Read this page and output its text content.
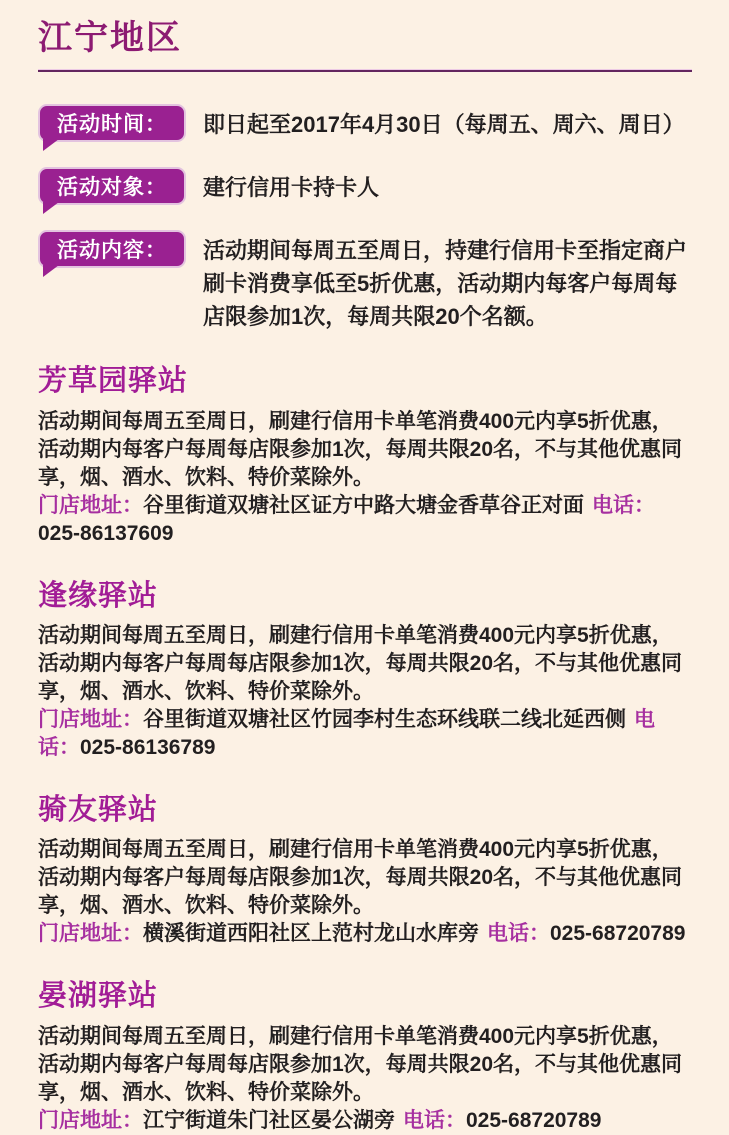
江宁地区
活动时间： 即日起至2017年4月30日（每周五、周六、周日）
活动对象： 建行信用卡持卡人
活动内容： 活动期间每周五至周日，持建行信用卡至指定商户刷卡消费享低至5折优惠，活动期内每客户每周每店限参加1次，每周共限20个名额。
芳草园驿站

活动期间每周五至周日，刷建行信用卡单笔消费400元内享5折优惠，活动期内每客户每周每店限参加1次，每周共限20名，不与其他优惠同享，烟、酒水、饮料、特价菜除外。

门店地址：谷里街道双塘社区证方中路大塘金香草谷正对面 电话：025-86137609

逢缘驿站

活动期间每周五至周日，刷建行信用卡单笔消费400元内享5折优惠，活动期内每客户每周每店限参加1次，每周共限20名，不与其他优惠同享，烟、酒水、饮料、特价菜除外。

门店地址：谷里街道双塘社区竹园李村生态环线联二线北延西侧 电话：025-86136789

骑友驿站

活动期间每周五至周日，刷建行信用卡单笔消费400元内享5折优惠，活动期内每客户每周每店限参加1次，每周共限20名，不与其他优惠同享，烟、酒水、饮料、特价菜除外。

门店地址：横溪街道西阳社区上范村龙山水库旁 电话：025-68720789

晏湖驿站

活动期间每周五至周日，刷建行信用卡单笔消费400元内享5折优惠，活动期内每客户每周每店限参加1次，每周共限20名，不与其他优惠同享，烟、酒水、饮料、特价菜除外。

门店地址：江宁街道朱门社区晏公湖旁 电话：025-68720789
